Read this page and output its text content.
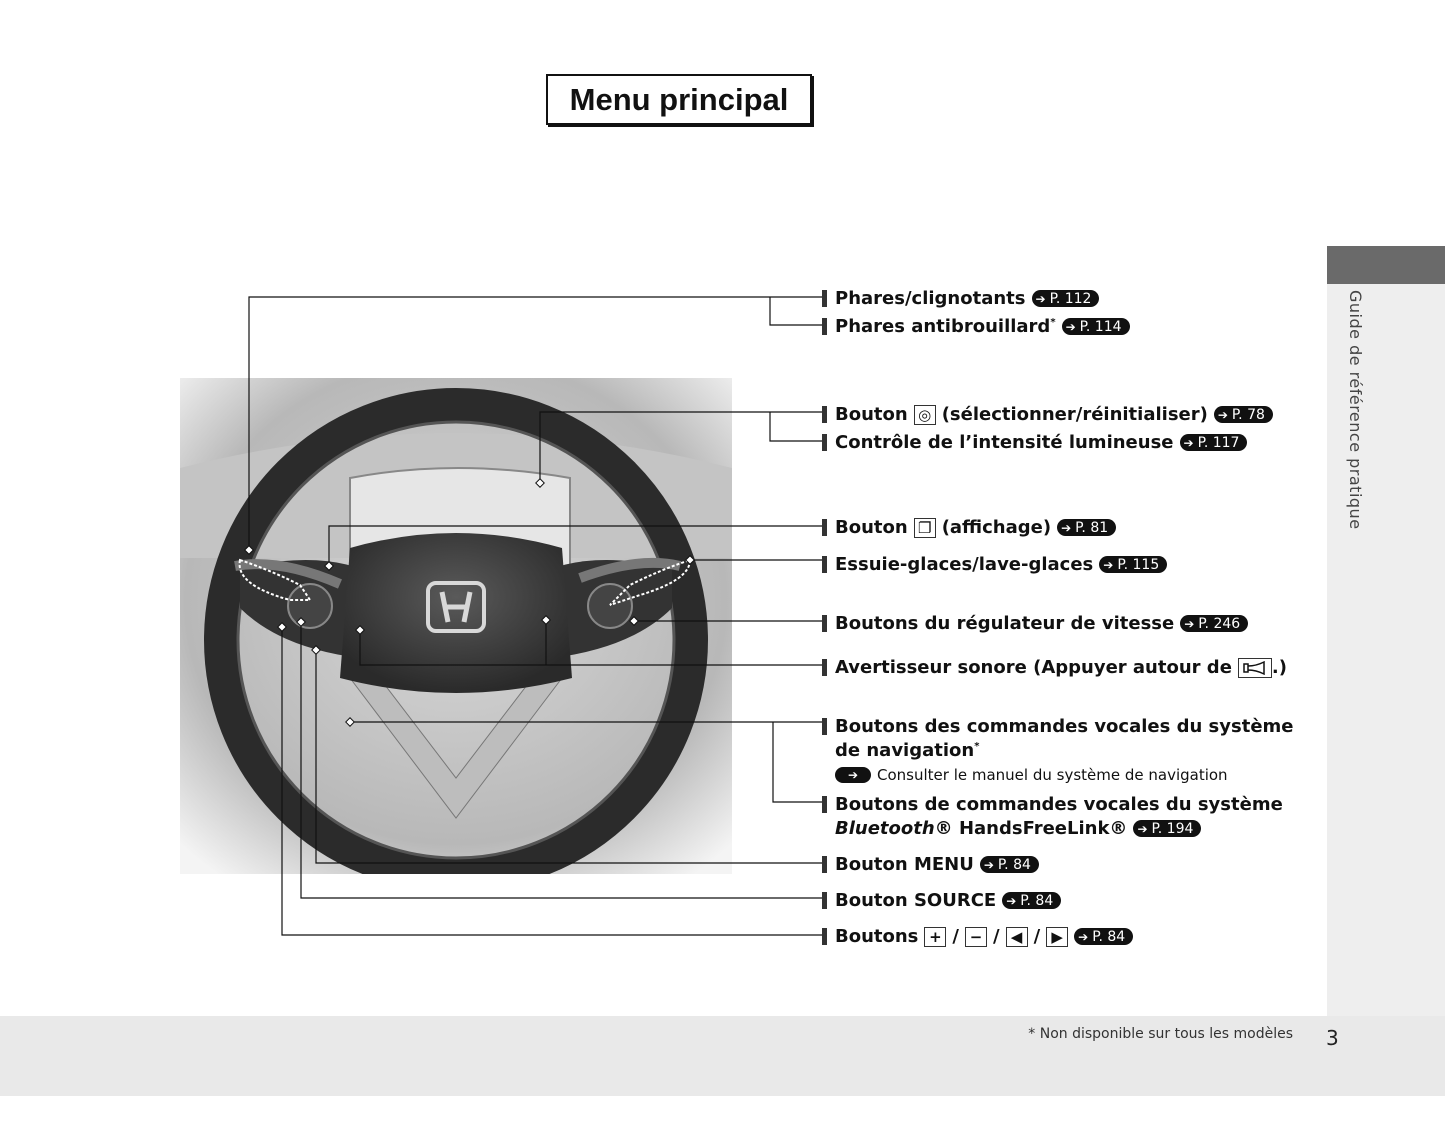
Menu principal
Guide de référence pratique
* Non disponible sur tous les modèles 3
Phares/clignotants ➔ P. 112
Phares antibrouillard* ➔ P. 114
Bouton ◎ (sélectionner/réinitialiser) ➔ P. 78
Contrôle de l’intensité lumineuse ➔ P. 117
Bouton ❐ (affichage) ➔ P. 81
Essuie-glaces/lave-glaces ➔ P. 115
Boutons du régulateur de vitesse ➔ P. 246
Avertisseur sonore (Appuyer autour de .)
Boutons des commandes vocales du système
de navigation*
➔	Consulter le manuel du système de navigation
Boutons de commandes vocales du système
Bluetooth® HandsFreeLink® ➔ P. 194
Bouton MENU ➔ P. 84
Bouton SOURCE ➔ P. 84
Boutons + / − / ◀ / ▶	➔ P. 84
